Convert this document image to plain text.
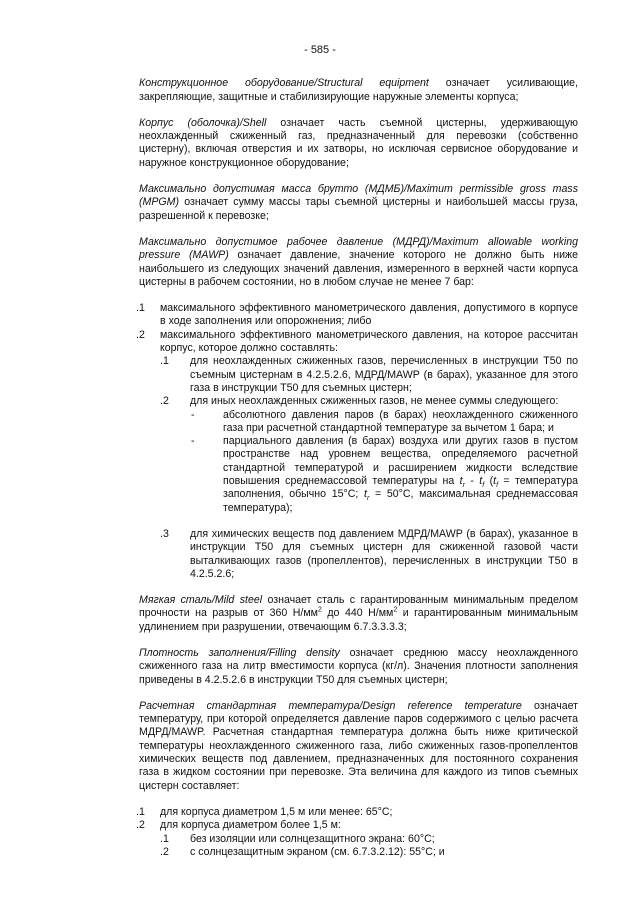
- 585 -

Конструкционное оборудование/Structural equipment означает усиливающие, закрепляющие, защитные и стабилизирующие наружные элементы корпуса;

Корпус (оболочка)/Shell означает часть съемной цистерны, удерживающую неохлажденный сжиженный газ, предназначенный для перевозки (собственно цистерну), включая отверстия и их затворы, но исключая сервисное оборудование и наружное конструкционное оборудование;

Максимально допустимая масса брутто (МДМБ)/Maximum permissible gross mass (MPGM) означает сумму массы тары съемной цистерны и наибольшей массы груза, разрешенной к перевозке;

Максимально допустимое рабочее давление (МДРД)/Maximum allowable working pressure (MAWP) означает давление, значение которого не должно быть ниже наибольшего из следующих значений давления, измеренного в верхней части корпуса цистерны в рабочем состоянии, но в любом случае не менее 7 бар:

.1	максимального эффективного манометрического давления, допустимого в корпусе в ходе заполнения или опорожнения; либо
.2	максимального эффективного манометрического давления, на которое рассчитан корпус, которое должно составлять:
.1	для неохлажденных сжиженных газов, перечисленных в инструкции T50 по съемным цистернам в 4.2.5.2.6, МДРД/MAWP (в барах), указанное для этого газа в инструкции T50 для съемных цистерн;
.2	для иных неохлажденных сжиженных газов, не менее суммы следующего:
-	абсолютного давления паров (в барах) неохлажденного сжиженного газа при расчетной стандартной температуре за вычетом 1 бара; и
-	парциального давления (в барах) воздуха или других газов в пустом пространстве над уровнем вещества, определяемого расчетной стандартной температурой и расширением жидкости вследствие повышения среднемассовой температуры на $t_r - t_f$ ($t_f$ = температура заполнения, обычно 15°С; $t_r = 50^\circ С$, максимальная среднемассовая температура);
.3	для химических веществ под давлением МДРД/MAWP (в барах), указанное в инструкции T50 для съемных цистерн для сжиженной газовой части выталкивающих газов (пропеллентов), перечисленных в инструкции T50 в 4.2.5.2.6;

Мягкая сталь/Mild steel означает сталь с гарантированным минимальным пределом прочности на разрыв от 360 $Н/мм^2$ до 440 $Н/мм^2$ и гарантированным минимальным удлинением при разрушении, отвечающим 6.7.3.3.3.3;

Плотность заполнения/Filling density означает среднюю массу неохлажденного сжиженного газа на литр вместимости корпуса (кг/л). Значения плотности заполнения приведены в 4.2.5.2.6 в инструкции T50 для съемных цистерн;

Расчетная стандартная температура/Design reference temperature означает температуру, при которой определяется давление паров содержимого с целью расчета МДРД/MAWP. Расчетная стандартная температура должна быть ниже критической температуры неохлажденного сжиженного газа, либо сжиженных газов-пропеллентов химических веществ под давлением, предназначенных для постоянного сохранения газа в жидком состоянии при перевозке. Эта величина для каждого из типов съемных цистерн составляет:

.1	для корпуса диаметром 1,5 м или менее: 65°С;
.2	для корпуса диаметром более 1,5 м:
.1	без изоляции или солнцезащитного экрана: 60°С;
.2	с солнцезащитным экраном (см. 6.7.3.2.12): 55°С; и
